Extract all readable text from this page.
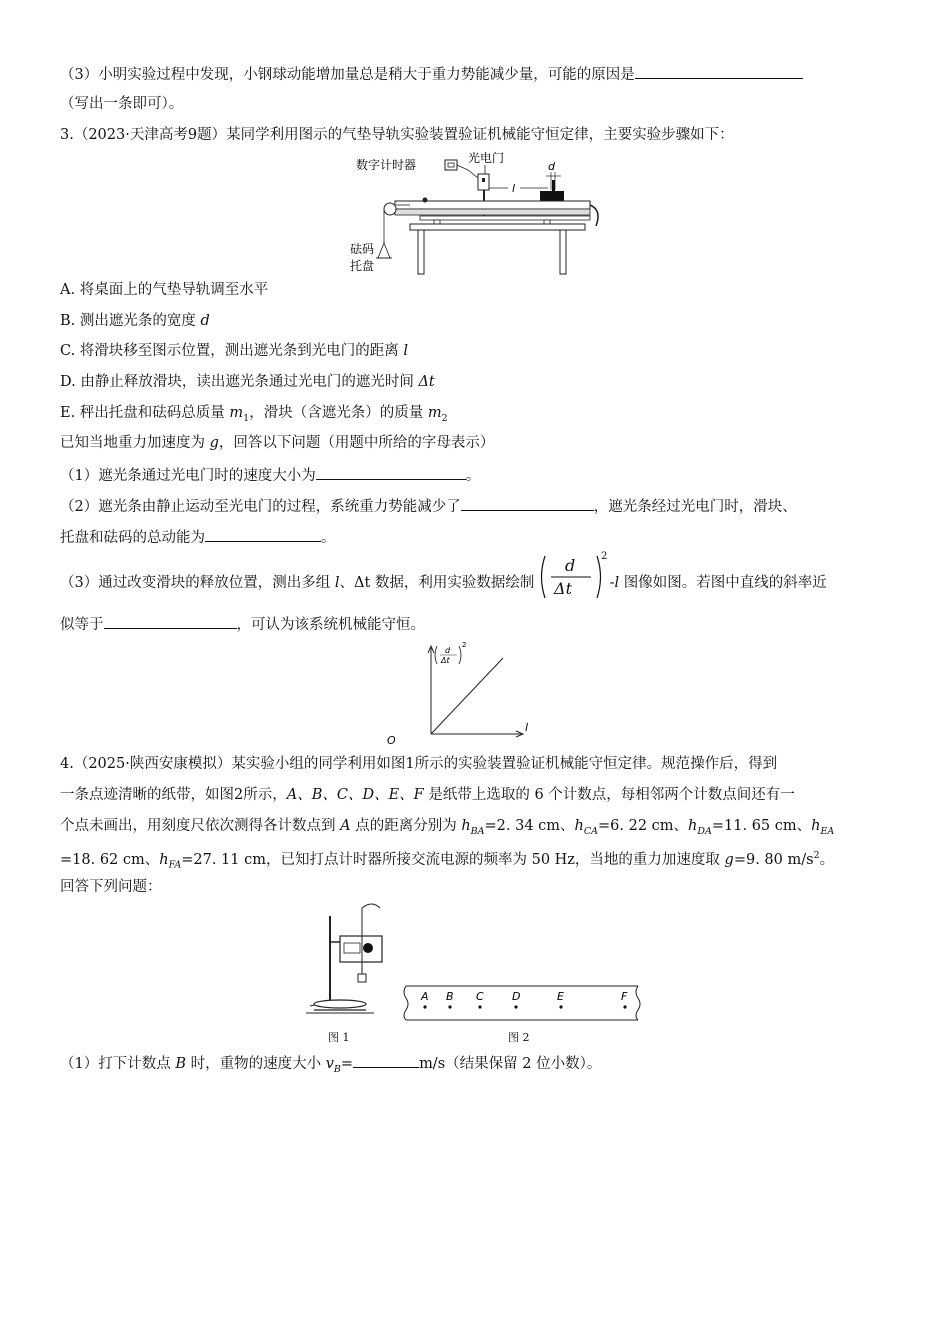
（3）小明实验过程中发现，小钢球动能增加量总是稍大于重力势能减少量，可能的原因是
（写出一条即可）。
3.（2023·天津高考9题）某同学利用图示的气垫导轨实验装置验证机械能守恒定律，主要实验步骤如下：
数字计时器	光电门
l
d
砝码
托盘
A. 将桌面上的气垫导轨调至水平
B. 测出遮光条的宽度 d
C. 将滑块移至图示位置，测出遮光条到光电门的距离 l
D. 由静止释放滑块，读出遮光条通过光电门的遮光时间 Δt
E. 秤出托盘和砝码总质量 $m_1$，滑块（含遮光条）的质量 $m_2$
已知当地重力加速度为 g，回答以下问题（用题中所给的字母表示）
（1）遮光条通过光电门时的速度大小为	。
（2）遮光条由静止运动至光电门的过程，系统重力势能减少了	，遮光条经过光电门时，滑块、
托盘和砝码的总动能为	。
（3）通过改变滑块的释放位置，测出多组 l、Δt 数据，利用实验数据绘制
d
Δt
2
-l 图像如图。若图中直线的斜率近
似等于	，可认为该系统机械能守恒。
O
l
d
Δt
2
4.（2025·陕西安康模拟）某实验小组的同学利用如图1所示的实验装置验证机械能守恒定律。规范操作后，得到
一条点迹清晰的纸带，如图2所示，A、B、C、D、E、F 是纸带上选取的 6 个计数点，每相邻两个计数点间还有一
个点未画出，用刻度尺依次测得各计数点到 A 点的距离分别为 $h_{BA}=2$. 34 cm、$h_{CA}=6$. 22 cm、$h_{DA}=11$. 65 cm、$h_{EA}$
=18. 62 cm、$h_{FA}=27$. 11 cm，已知打点计时器所接交流电源的频率为 50 Hz，当地的重力加速度取 g=9. 80 $m/s^2$。
回答下列问题：
图 1
A B C	D	E	F
图 2
（1）打下计数点 B 时，重物的速度大小 $v_B=$	m/s（结果保留 2 位小数）。
